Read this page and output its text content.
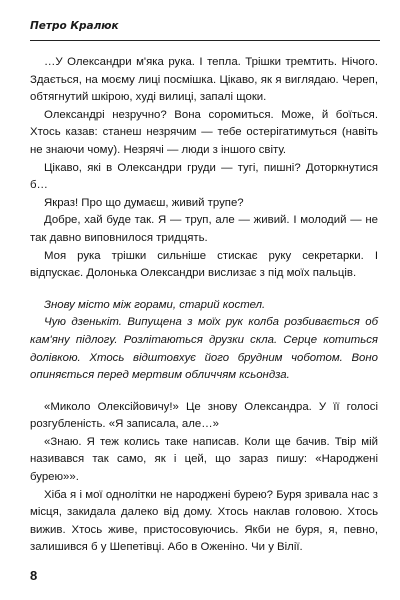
Петро Кралюк

…У Олександри м'яка рука. І тепла. Трішки тремтить. Нічого. Здається, на моєму лиці посмішка. Цікаво, як я виглядаю. Череп, обтягнутий шкірою, худі вилиці, запалі щоки.

Олександрі незручно? Вона соромиться. Може, й боїться. Хтось казав: станеш незрячим — тебе остерігатимуться (навіть не знаючи чому). Незрячі — люди з іншого світу.

Цікаво, які в Олександри груди — тугі, пишні? Доторкнутися б…

Якраз! Про що думаєш, живий трупе?

Добре, хай буде так. Я — труп, але — живий. І молодий — не так давно виповнилося тридцять.

Моя рука трішки сильніше стискає руку секретарки. І відпускає. Долонька Олександри вислизає з під моїх пальців.

Знову місто між горами, старий костел.

Чую дзенькіт. Випущена з моїх рук колба розбивається об кам'яну підлогу. Розлітаються друзки скла. Серце котиться долівкою. Хтось відштовхує його брудним чоботом. Воно опиняється перед мертвим обличчям ксьондза.

«Миколо Олексійовичу!» Це знову Олександра. У її голосі розгубленість. «Я записала, але…»

«Знаю. Я теж колись таке написав. Коли ще бачив. Твір мій називався так само, як і цей, що зараз пишу: «Народжені бурею»».

Хіба я і мої однолітки не народжені бурею? Буря зривала нас з місця, закидала далеко від дому. Хтось наклав головою. Хтось вижив. Хтось живе, пристосовуючись. Якби не буря, я, певно, залишився б у Шепетівці. Або в Оженіно. Чи у Вілії.

8
